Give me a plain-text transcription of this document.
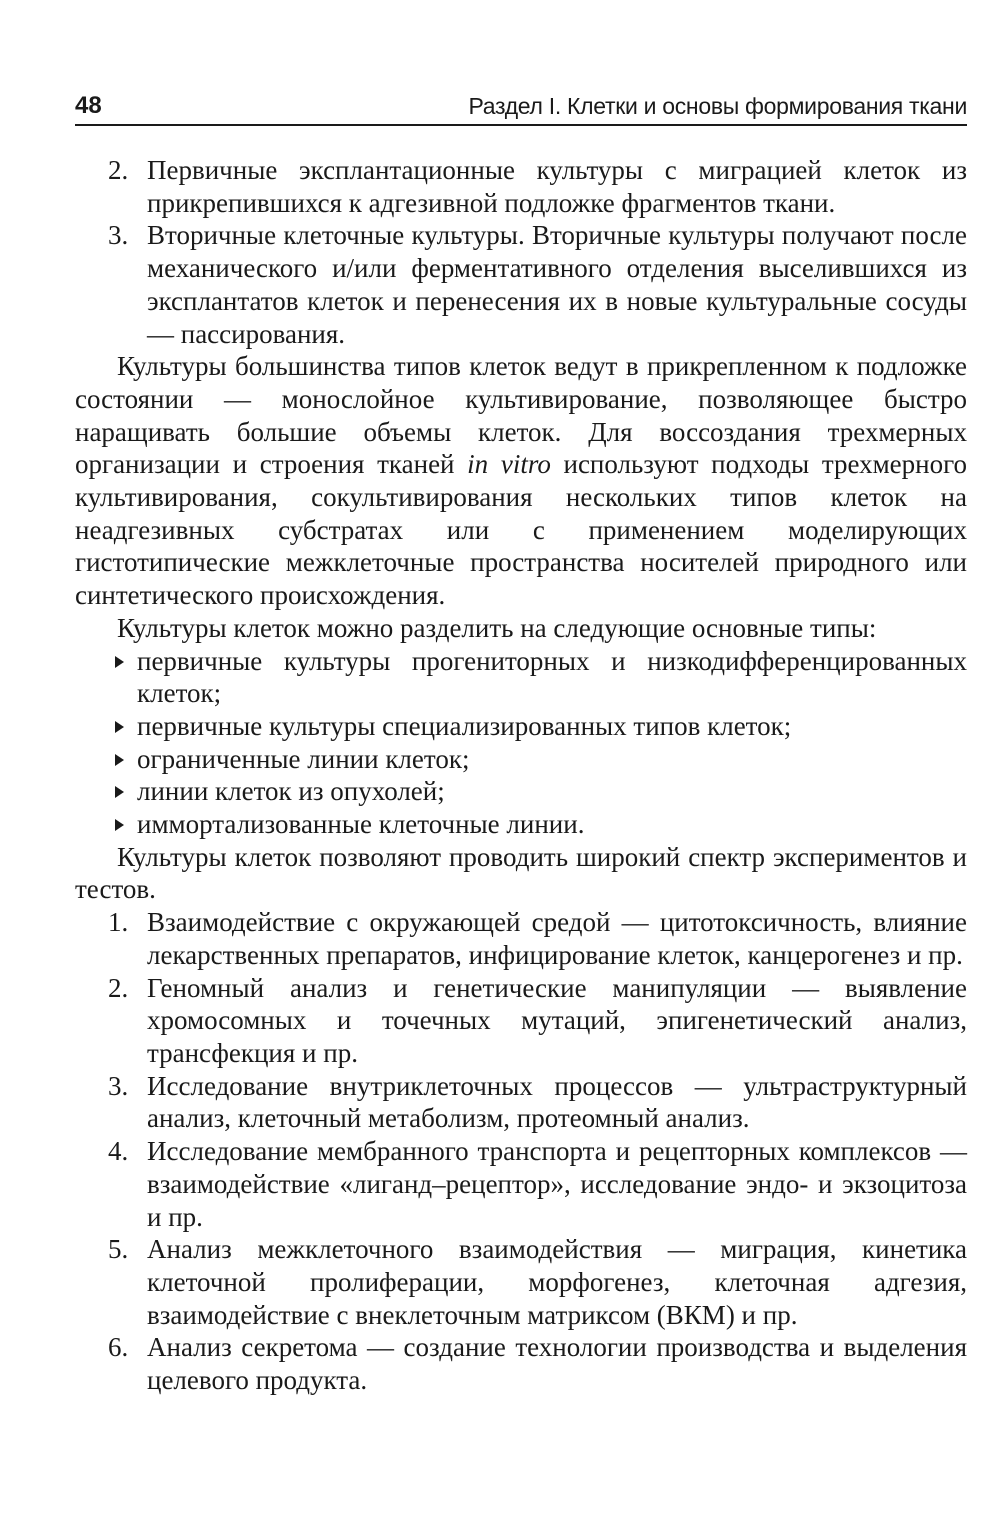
48	Раздел I. Клетки и основы формирования ткани
2. Первичные эксплантационные культуры с миграцией клеток из прикрепившихся к адгезивной подложке фрагментов ткани.
3. Вторичные клеточные культуры. Вторичные культуры получают после механического и/или ферментативного отделения выселившихся из эксплантатов клеток и перенесения их в новые культуральные сосуды — пассирования.

Культуры большинства типов клеток ведут в прикрепленном к подложке состоянии — монослойное культивирование, позволяющее быстро наращивать большие объемы клеток. Для воссоздания трехмерных организации и строения тканей in vitro используют подходы трехмерного культивирования, сокультивирования нескольких типов клеток на неадгезивных субстратах или с применением моделирующих гистотипические межклеточные пространства носителей природного или синтетического происхождения.

Культуры клеток можно разделить на следующие основные типы:

первичные культуры прогениторных и низкодифференцированных клеток;
первичные культуры специализированных типов клеток;
ограниченные линии клеток;
линии клеток из опухолей;
иммортализованные клеточные линии.

Культуры клеток позволяют проводить широкий спектр экспериментов и тестов.

1. Взаимодействие с окружающей средой — цитотоксичность, влияние лекарственных препаратов, инфицирование клеток, канцерогенез и пр.
2. Геномный анализ и генетические манипуляции — выявление хромосомных и точечных мутаций, эпигенетический анализ, трансфекция и пр.
3. Исследование внутриклеточных процессов — ультраструктурный анализ, клеточный метаболизм, протеомный анализ.
4. Исследование мембранного транспорта и рецепторных комплексов — взаимодействие «лиганд–рецептор», исследование эндо- и экзоцитоза и пр.
5. Анализ межклеточного взаимодействия — миграция, кинетика клеточной пролиферации, морфогенез, клеточная адгезия, взаимодействие с внеклеточным матриксом (ВКМ) и пр.
6. Анализ секретома — создание технологии производства и выделения целевого продукта.
